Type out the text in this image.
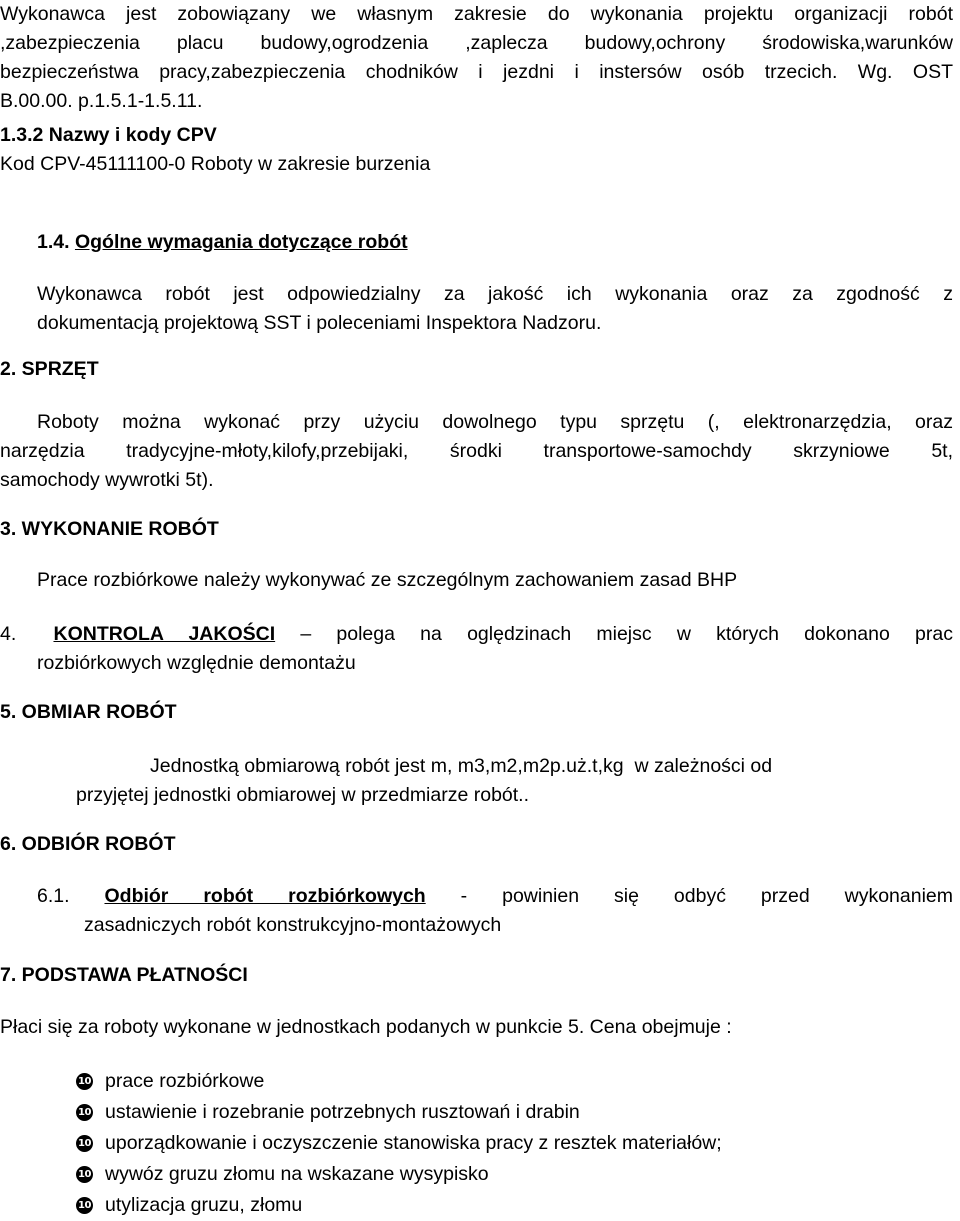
Wykonawca jest zobowiązany we własnym zakresie do wykonania projektu organizacji robót
,zabezpieczenia placu budowy,ogrodzenia ,zaplecza budowy,ochrony środowiska,warunków
bezpieczeństwa pracy,zabezpieczenia chodników i jezdni i instersów osób trzecich. Wg. OST
B.00.00. p.1.5.1-1.5.11.
1.3.2 Nazwy i kody CPV
Kod CPV-45111100-0 Roboty w zakresie burzenia
1.4. Ogólne wymagania dotyczące robót
Wykonawca robót jest odpowiedzialny za jakość ich wykonania oraz za zgodność z
dokumentacją projektową SST i poleceniami Inspektora Nadzoru.
2. SPRZĘT
Roboty można wykonać przy użyciu dowolnego typu sprzętu (, elektronarzędzia, oraz
narzędzia tradycyjne-młoty,kilofy,przebijaki, środki transportowe-samochdy skrzyniowe 5t,
samochody wywrotki 5t).
3. WYKONANIE ROBÓT
Prace rozbiórkowe należy wykonywać ze szczególnym zachowaniem zasad BHP
4. KONTROLA JAKOŚCI – polega na oględzinach miejsc w których dokonano prac
rozbiórkowych względnie demontażu
5. OBMIAR ROBÓT
Jednostką obmiarową robót jest m, m3,m2,m2p.uż.t,kg  w zależności od
przyjętej jednostki obmiarowej w przedmiarze robót..
6. ODBIÓR ROBÓT
6.1. Odbiór robót rozbiórkowych - powinien się odbyć przed wykonaniem
zasadniczych robót konstrukcyjno-montażowych
7. PODSTAWA PŁATNOŚCI
Płaci się za roboty wykonane w jednostkach podanych w punkcie 5. Cena obejmuje :
10 prace rozbiórkowe
10 ustawienie i rozebranie potrzebnych rusztowań i drabin
10 uporządkowanie i oczyszczenie stanowiska pracy z resztek materiałów;
10 wywóz gruzu złomu na wskazane wysypisko
10 utylizacja gruzu, złomu
